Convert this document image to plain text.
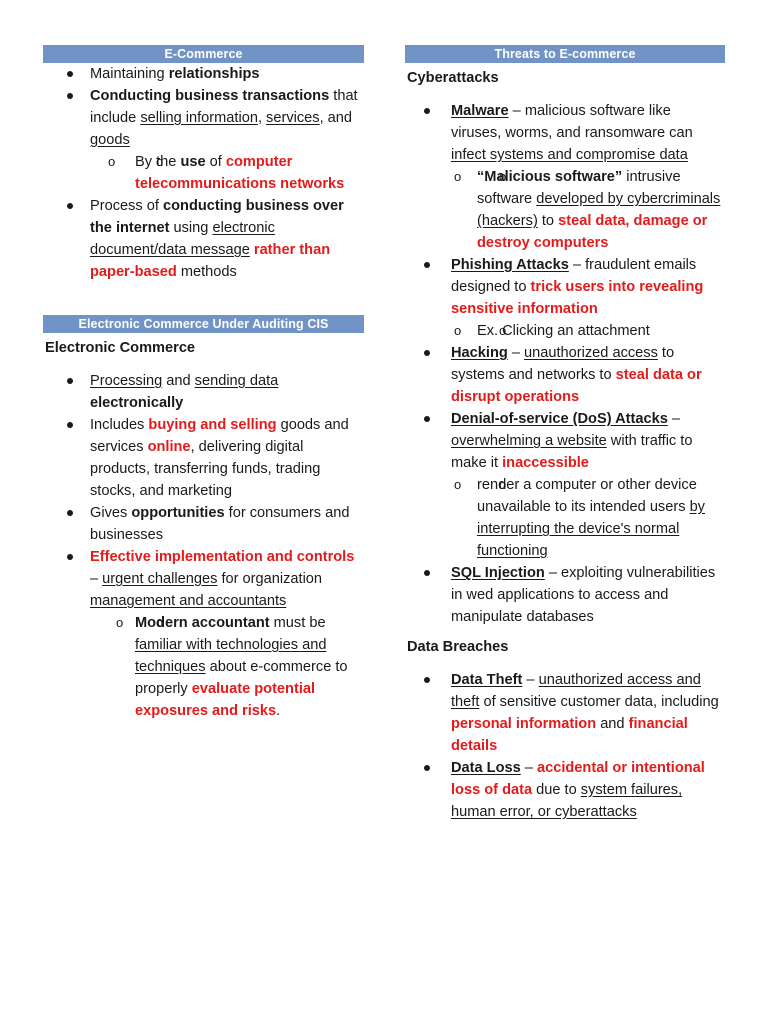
E-Commerce
Maintaining relationships
Conducting business transactions that include selling information, services, and goods
o o By the use of computer telecommunications networks
Process of conducting business over the internet using electronic document/data message rather than paper-based methods
Electronic Commerce Under Auditing CIS
Electronic Commerce
Processing and sending data electronically
Includes buying and selling goods and services online, delivering digital products, transferring funds, trading stocks, and marketing
Gives opportunities for consumers and businesses
Effective implementation and controls – urgent challenges for organization management and accountants
o o Modern accountant must be familiar with technologies and techniques about e-commerce to properly evaluate potential exposures and risks.
Threats to E-commerce
Cyberattacks
Malware – malicious software like viruses, worms, and ransomware can infect systems and compromise data
o o “Malicious software” intrusive software developed by cybercriminals (hackers) to steal data, damage or destroy computers
Phishing Attacks – fraudulent emails designed to trick users into revealing sensitive information
o o Ex. Clicking an attachment
Hacking – unauthorized access to systems and networks to steal data or disrupt operations
Denial-of-service (DoS) Attacks – overwhelming a website with traffic to make it inaccessible
o o render a computer or other device unavailable to its intended users by interrupting the device's normal functioning
SQL Injection – exploiting vulnerabilities in wed applications to access and manipulate databases
Data Breaches
Data Theft – unauthorized access and theft of sensitive customer data, including personal information and financial details
Data Loss – accidental or intentional loss of data due to system failures, human error, or cyberattacks
